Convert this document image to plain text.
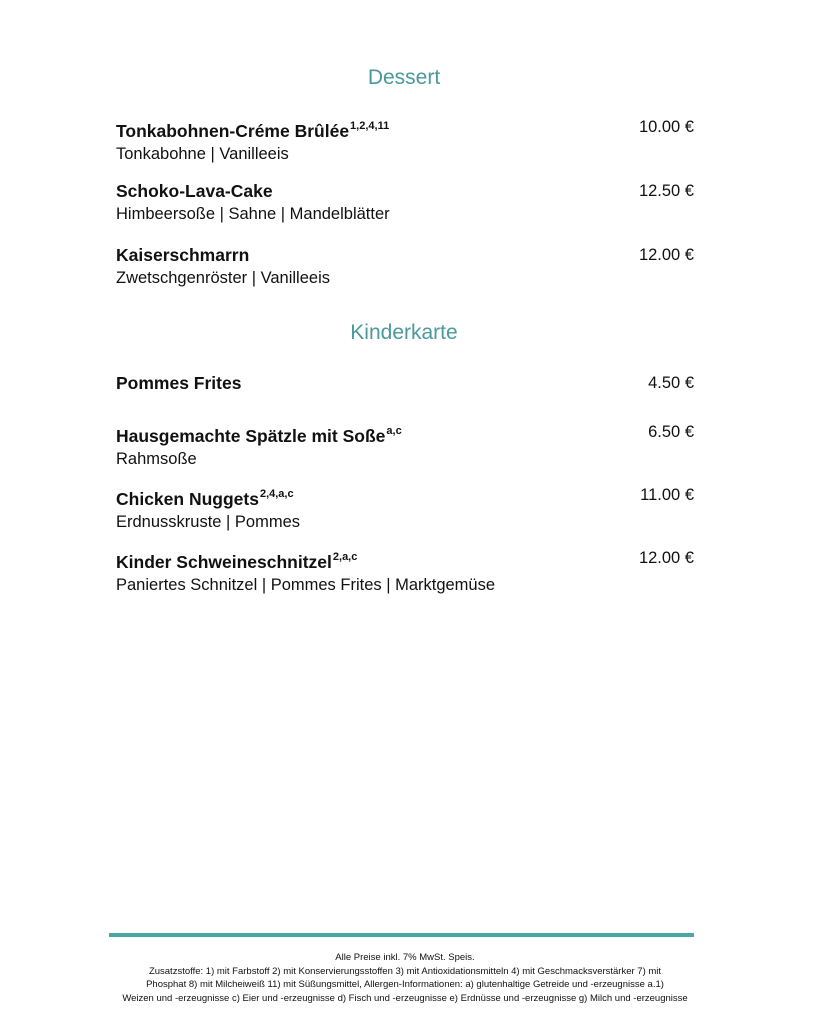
Dessert
Tonkabohnen-Créme Brûlée$^{1,2,4,11}$
Tonkabohne | Vanilleeis
10.00 €
Schoko-Lava-Cake
Himbeersoße | Sahne | Mandelblätter
12.50 €
Kaiserschmarrn
Zwetschgenröster | Vanilleeis
12.00 €
Kinderkarte
Pommes Frites	4.50 €
Hausgemachte Spätzle mit Soße$^{a,c}$
Rahmsoße
6.50 €
Chicken Nuggets$^{2,4,a,c}$
Erdnusskruste | Pommes
11.00 €
Kinder Schweineschnitzel$^{2,a,c}$
Paniertes Schnitzel | Pommes Frites | Marktgemüse
12.00 €
Alle Preise inkl. 7% MwSt. Speis.
Zusatzstoffe: 1) mit Farbstoff 2) mit Konservierungsstoffen 3) mit Antioxidationsmitteln 4) mit Geschmacksverstärker 7) mit
Phosphat 8) mit Milcheiweiß 11) mit Süßungsmittel, Allergen-Informationen: a) glutenhaltige Getreide und -erzeugnisse a.1)
Weizen und -erzeugnisse c) Eier und -erzeugnisse d) Fisch und -erzeugnisse e) Erdnüsse und -erzeugnisse g) Milch und -erzeugnisse
